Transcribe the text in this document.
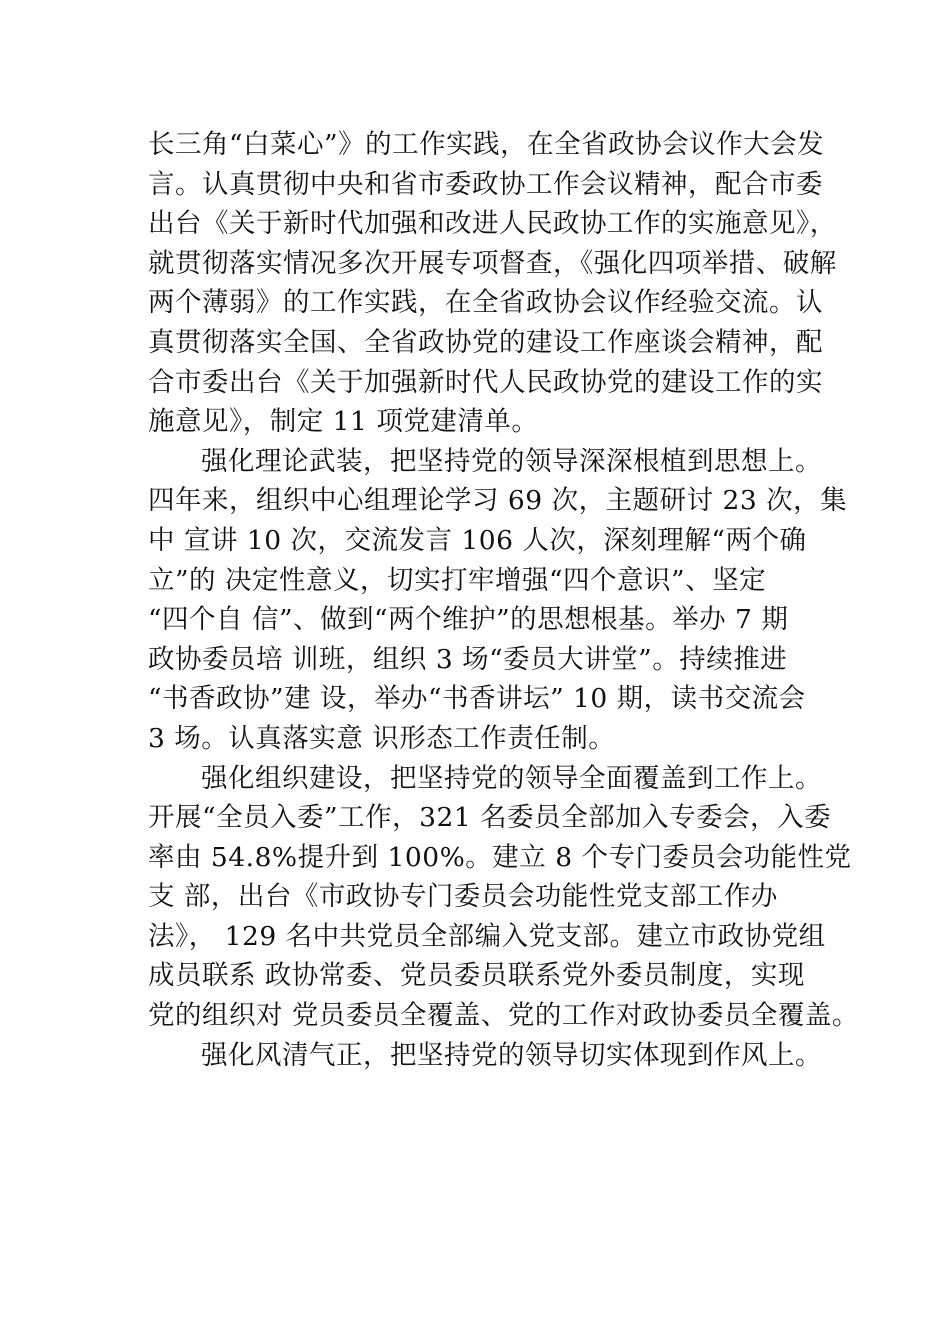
长三角“白菜心”》的工作实践，在全省政协会议作大会发
言。认真贯彻中央和省市委政协工作会议精神，配合市委
出台《关于新时代加强和改进人民政协工作的实施意见》，
就贯彻落实情况多次开展专项督查，《强化四项举措、破解
两个薄弱》的工作实践，在全省政协会议作经验交流。认
真贯彻落实全国、全省政协党的建设工作座谈会精神，配
合市委出台《关于加强新时代人民政协党的建设工作的实
施意见》，制定 11 项党建清单。
强化理论武装，把坚持党的领导深深根植到思想上。
四年来，组织中心组理论学习 69 次，主题研讨 23 次，集
中 宣讲 10 次，交流发言 106 人次，深刻理解“两个确
立”的 决定性意义，切实打牢增强“四个意识”、坚定
“四个自 信”、做到“两个维护”的思想根基。举办 7 期
政协委员培 训班，组织 3 场“委员大讲堂”。持续推进
“书香政协”建 设，举办“书香讲坛” 10 期，读书交流会
3 场。认真落实意 识形态工作责任制。
强化组织建设，把坚持党的领导全面覆盖到工作上。
开展“全员入委”工作，321 名委员全部加入专委会，入委
率由 54.8%提升到 100%。建立 8 个专门委员会功能性党
支 部，出台《市政协专门委员会功能性党支部工作办
法》， 129 名中共党员全部编入党支部。建立市政协党组
成员联系 政协常委、党员委员联系党外委员制度，实现
党的组织对 党员委员全覆盖、党的工作对政协委员全覆盖。
强化风清气正，把坚持党的领导切实体现到作风上。
